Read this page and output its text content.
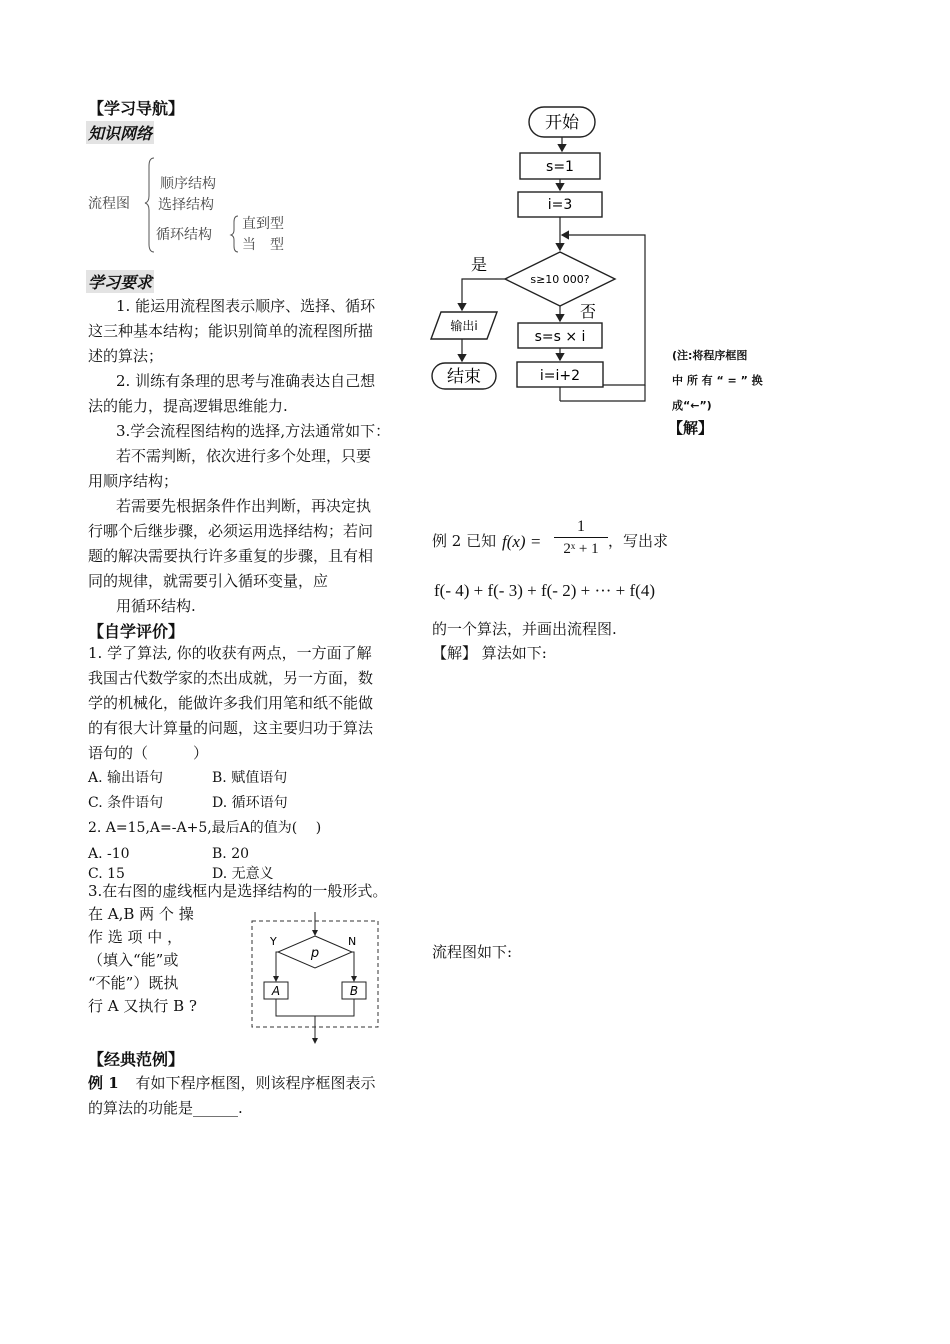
【学习导航】
知识网络
流程图
顺序结构
选择结构
循环结构
直到型
当　型
学习要求
1. 能运用流程图表示顺序、选择、循环
这三种基本结构；能识别简单的流程图所描
述的算法；
2. 训练有条理的思考与准确表达自己想
法的能力，提高逻辑思维能力.
3.学会流程图结构的选择,方法通常如下：
若不需判断，依次进行多个处理，只要
用顺序结构；
若需要先根据条件作出判断，再决定执
行哪个后继步骤，必须运用选择结构；若问
题的解决需要执行许多重复的步骤，且有相
同的规律，就需要引入循环变量，应
用循环结构.
【自学评价】
1. 学了算法, 你的收获有两点，一方面了解
我国古代数学家的杰出成就，另一方面，数
学的机械化，能做许多我们用笔和纸不能做
的有很大计算量的问题，这主要归功于算法
语句的（　　　）
A. 输出语句	B. 赋值语句
C. 条件语句	D. 循环语句
2. A=15,A=-A+5,最后A的值为(　 )
A. -10	B. 20
C. 15	D. 无意义
3.在右图的虚线框内是选择结构的一般形式。
在 A,B 两 个 操
作 选 项 中 ，
（填入“能”或
“不能”）既执
行 A 又执行 B ?
p
Y	N
A	B
【经典范例】
例 1 有如下程序框图，则该程序框图表示
的算法的功能是______.
开始
s=1
i=3
s≥10 000?
是
否
输出i
结束
s=s × i
i=i+2
(注:将程序框图
中 所 有 “ = ” 换
成“←”)
【解】
例 2 已知 $f(x) = \frac{1}{\text{2ˣ + 1}}$ ，写出求
f(- 4) + f(- 3) + f(- 2) + ··· + f(4)
的一个算法，并画出流程图.
【解】 算法如下:
流程图如下:
